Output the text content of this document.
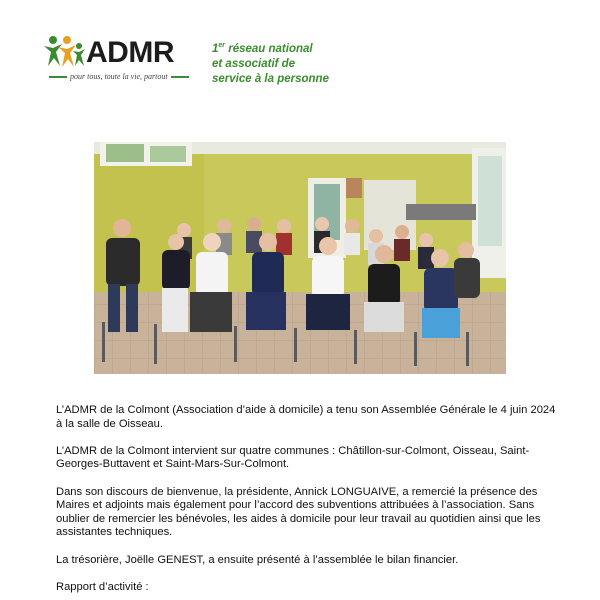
ADMR
pour tous, toute la vie, partout
1er réseau national
et associatif de
service à la personne

L’ADMR de la Colmont (Association d’aide à domicile) a tenu son Assemblée Générale le 4 juin 2024 à la salle de Oisseau.

L’ADMR de la Colmont intervient sur quatre communes : Châtillon-sur-Colmont, Oisseau, Saint-Georges-Buttavent et Saint-Mars-Sur-Colmont.

Dans son discours de bienvenue, la présidente, Annick LONGUAIVE, a remercié la présence des Maires et adjoints mais également pour l’accord des subventions attribuées à l’association. Sans oublier de remercier les bénévoles, les aides à domicile pour leur travail au quotidien ainsi que les assistantes techniques.

La trésorière, Joëlle GENEST, a ensuite présenté à l’assemblée le bilan financier.

Rapport d’activité :
